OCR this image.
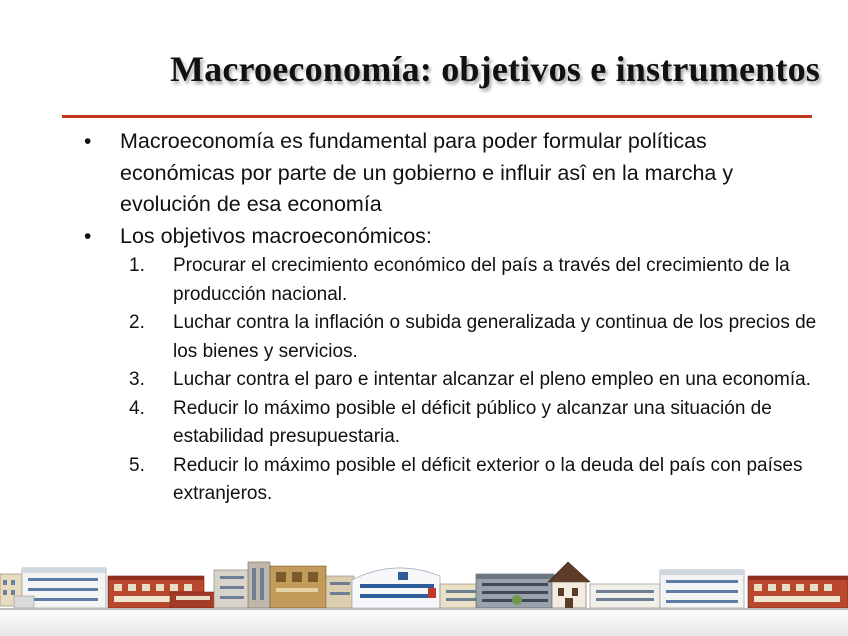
Macroeconomía: objetivos e instrumentos
•	Macroeconomía es fundamental para poder formular políticas económicas por parte de un gobierno e influir asî en la marcha y evolución de esa economía
•	Los objetivos macroeconómicos:
1. Procurar el crecimiento económico del país a través del crecimiento de la producción nacional.
2. Luchar contra la inflación o subida generalizada y continua de los precios de los bienes y servicios.
3. Luchar contra el paro e intentar alcanzar el pleno empleo en una economía.
4. Reducir lo máximo posible el déficit público y alcanzar una situación de estabilidad presupuestaria.
5. Reducir lo máximo posible el déficit exterior o la deuda del país con países extranjeros.
